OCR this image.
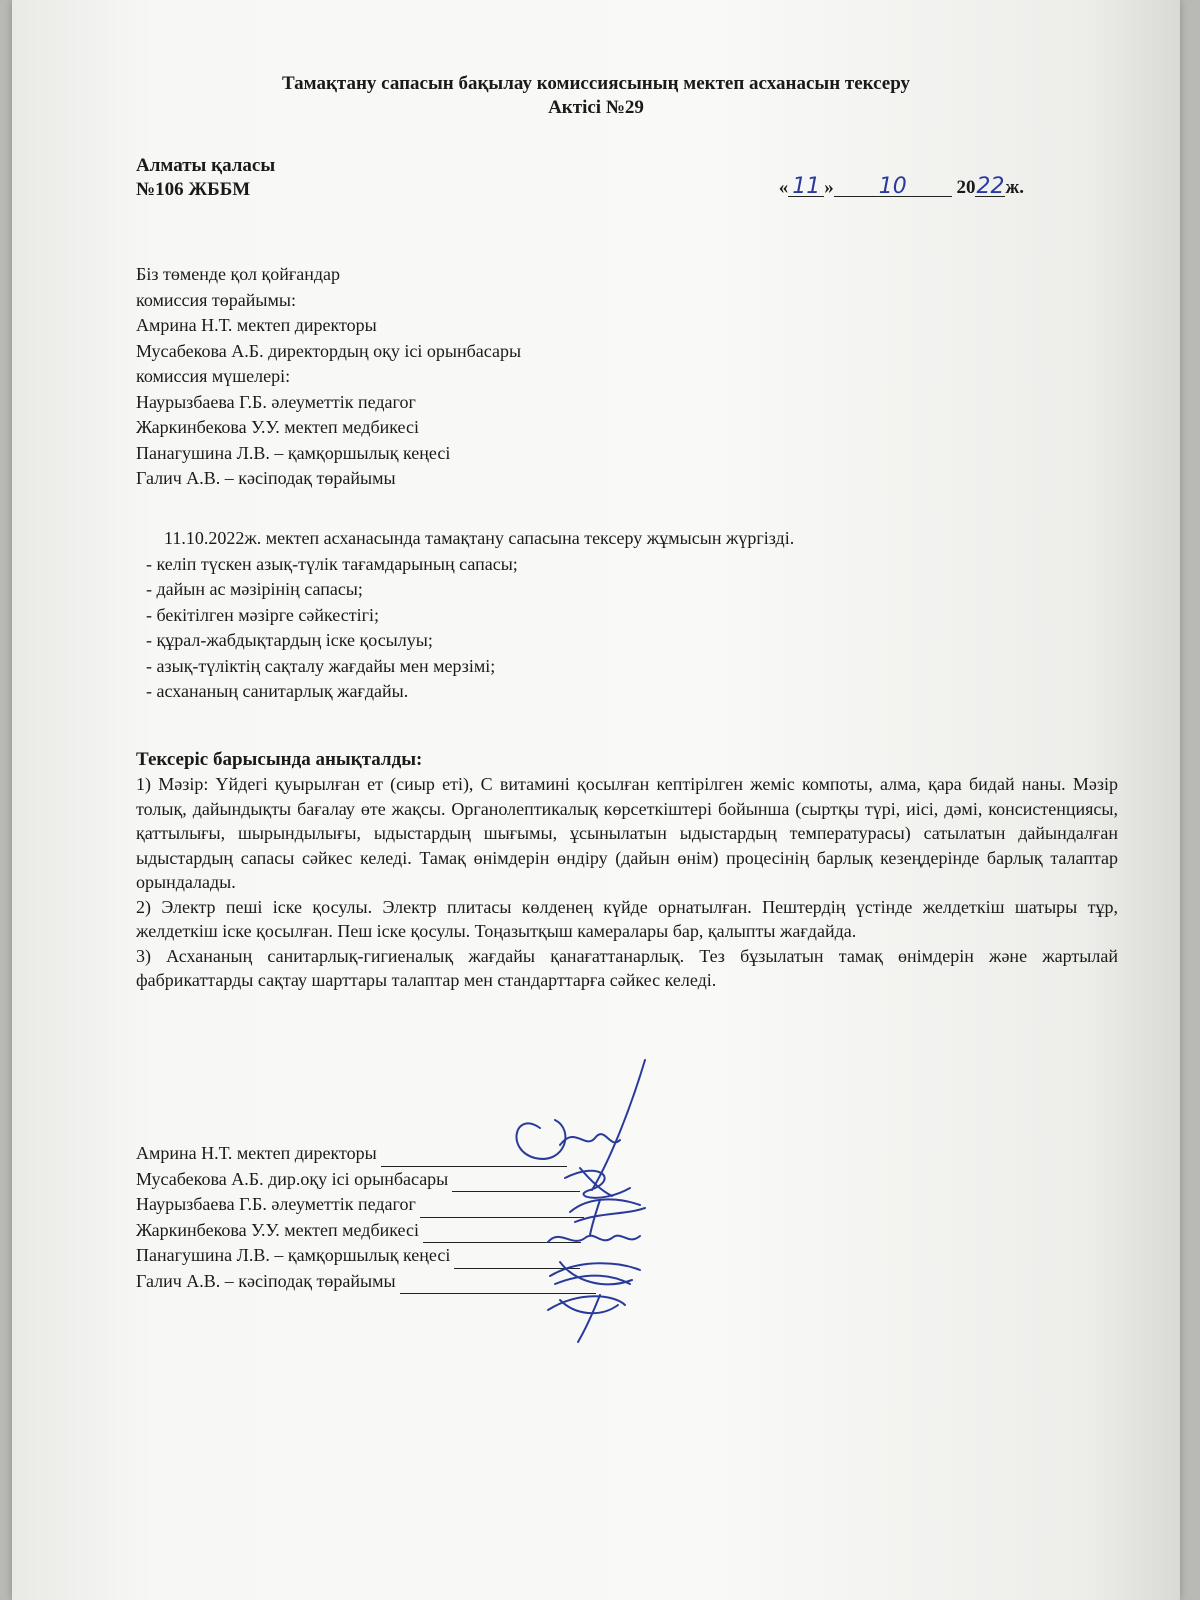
Тамақтану сапасын бақылау комиссиясының мектеп асханасын тексеру
Актісі №29
Алматы қаласы
№106 ЖББМ	« 11 » 10	2022ж.
Біз төменде қол қойғандар
комиссия төрайымы:
Амрина Н.Т. мектеп директоры
Мусабекова А.Б. директордың оқу ісі орынбасары
комиссия мүшелері:
Наурызбаева Г.Б. әлеуметтік педагог
Жаркинбекова У.У. мектеп медбикесі
Панагушина Л.В. – қамқоршылық кеңесі
Галич А.В. – кәсіподақ төрайымы
11.10.2022ж. мектеп асханасында тамақтану сапасына тексеру жұмысын жүргізді.
- келіп түскен азық-түлік тағамдарының сапасы;
- дайын ас мәзірінің сапасы;
- бекітілген мәзірге сәйкестігі;
- құрал-жабдықтардың іске қосылуы;
- азық-түліктің сақталу жағдайы мен мерзімі;
- асхананың санитарлық жағдайы.
Тексеріс барысында анықталды:

1) Мәзір: Үйдегі қуырылған ет (сиыр еті), С витамині қосылған кептірілген жеміс компоты, алма, қара бидай наны. Мәзір толық, дайындықты бағалау өте жақсы. Органолептикалық көрсеткіштері бойынша (сыртқы түрі, иісі, дәмі, консистенциясы, қаттылығы, шырындылығы, ыдыстардың шығымы, ұсынылатын ыдыстардың температурасы) сатылатын дайындалған ыдыстардың сапасы сәйкес келеді. Тамақ өнімдерін өндіру (дайын өнім) процесінің барлық кезеңдерінде барлық талаптар орындалады.

2) Электр пеші іске қосулы. Электр плитасы көлденең күйде орнатылған. Пештердің үстінде желдеткіш шатыры тұр, желдеткіш іске қосылған. Пеш іске қосулы. Тоңазытқыш камералары бар, қалыпты жағдайда.

3) Асхананың санитарлық-гигиеналық жағдайы қанағаттанарлық. Тез бұзылатын тамақ өнімдерін және жартылай фабрикаттарды сақтау шарттары талаптар мен стандарттарға сәйкес келеді.

Амрина Н.Т. мектеп директоры
Мусабекова А.Б. дир.оқу ісі орынбасары
Наурызбаева Г.Б. әлеуметтік педагог
Жаркинбекова У.У. мектеп медбикесі
Панагушина Л.В. – қамқоршылық кеңесі
Галич А.В. – кәсіподақ төрайымы
